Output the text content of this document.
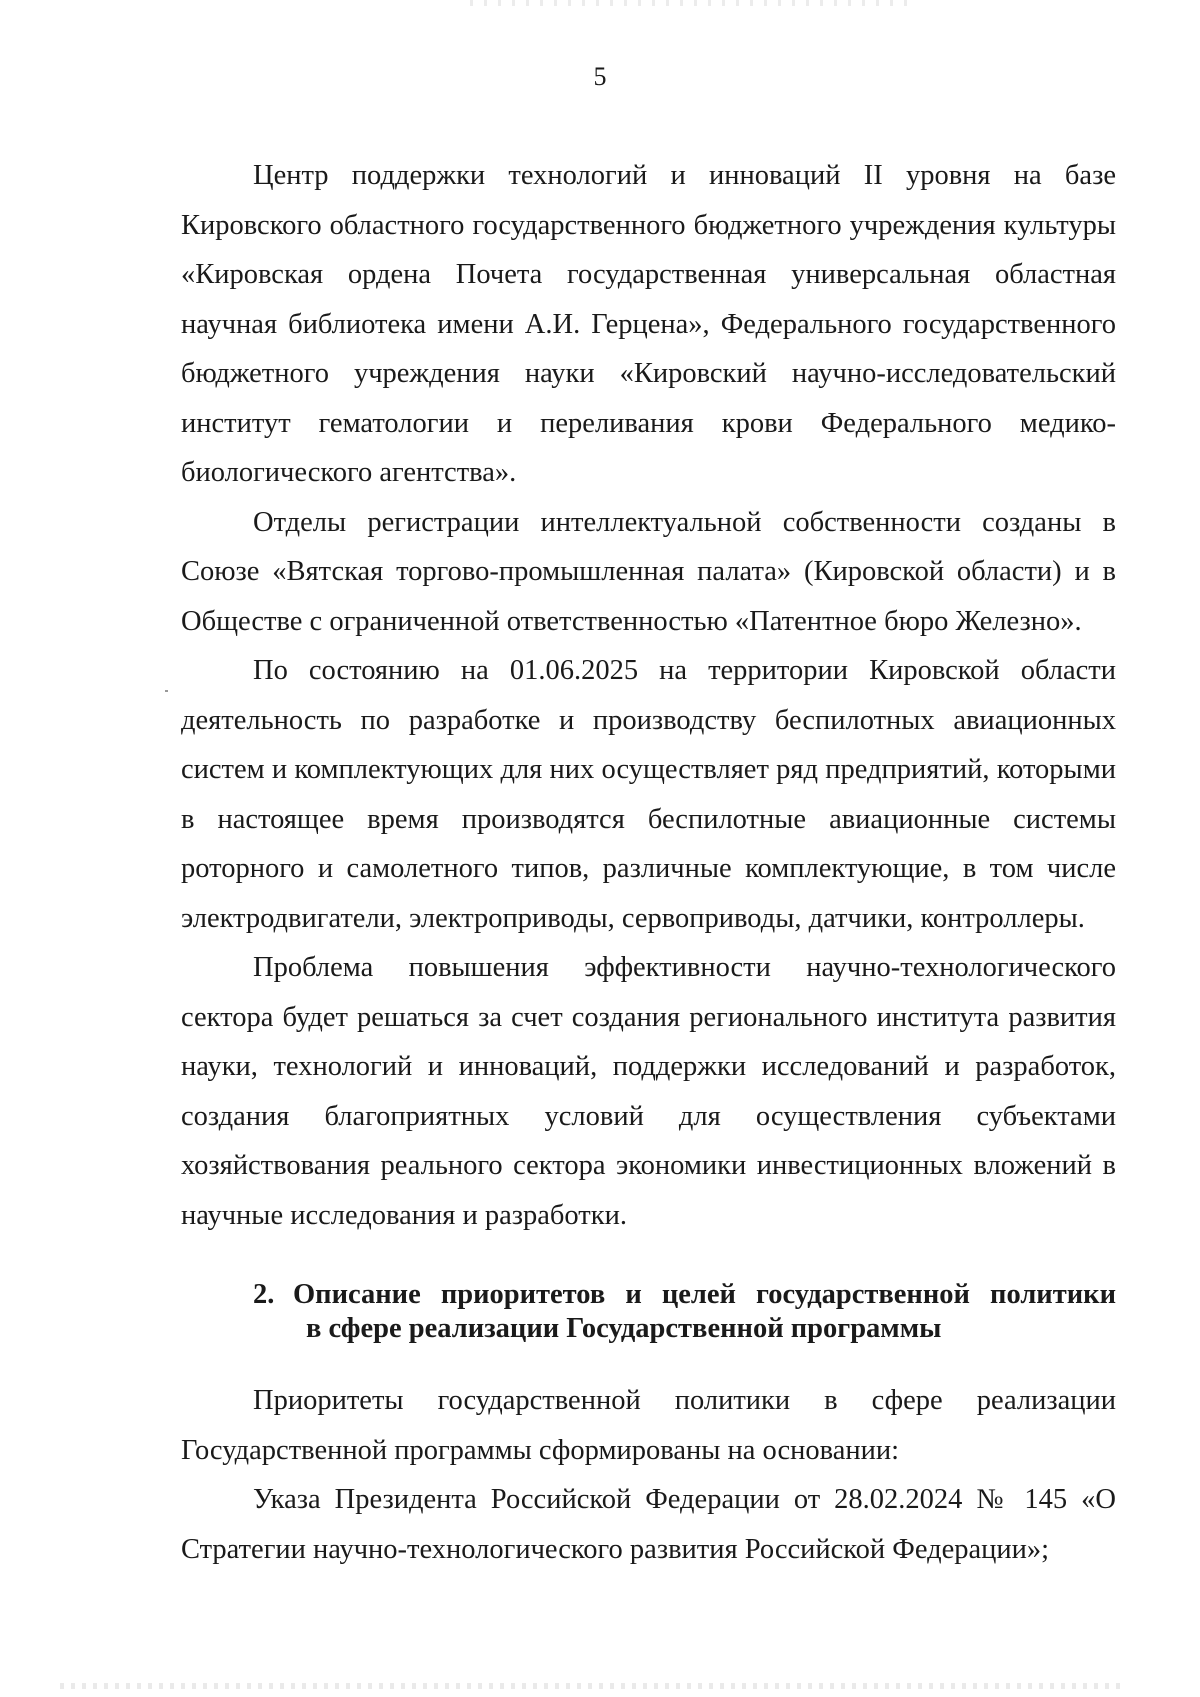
5

Центр поддержки технологий и инноваций II уровня на базе Кировского областного государственного бюджетного учреждения культуры «Кировская ордена Почета государственная универсальная областная научная библиотека имени А.И. Герцена», Федерального государственного бюджетного учреждения науки «Кировский научно-исследовательский институт гематологии и переливания крови Федерального медико-биологического агентства».

Отделы регистрации интеллектуальной собственности созданы в Союзе «Вятская торгово-промышленная палата» (Кировской области) и в Обществе с ограниченной ответственностью «Патентное бюро Железно».

По состоянию на 01.06.2025 на территории Кировской области деятельность по разработке и производству беспилотных авиационных систем и комплектующих для них осуществляет ряд предприятий, которыми в настоящее время производятся беспилотные авиационные системы роторного и самолетного типов, различные комплектующие, в том числе электродвигатели, электроприводы, сервоприводы, датчики, контроллеры.

Проблема повышения эффективности научно-технологического сектора будет решаться за счет создания регионального института развития науки, технологий и инноваций, поддержки исследований и разработок, создания благоприятных условий для осуществления субъектами хозяйствования реального сектора экономики инвестиционных вложений в научные исследования и разработки.

2. Описание приоритетов и целей государственной политики
в сфере реализации Государственной программы

Приоритеты государственной политики в сфере реализации Государственной программы сформированы на основании:

Указа Президента Российской Федерации от 28.02.2024 № 145 «О Стратегии научно-технологического развития Российской Федерации»;
